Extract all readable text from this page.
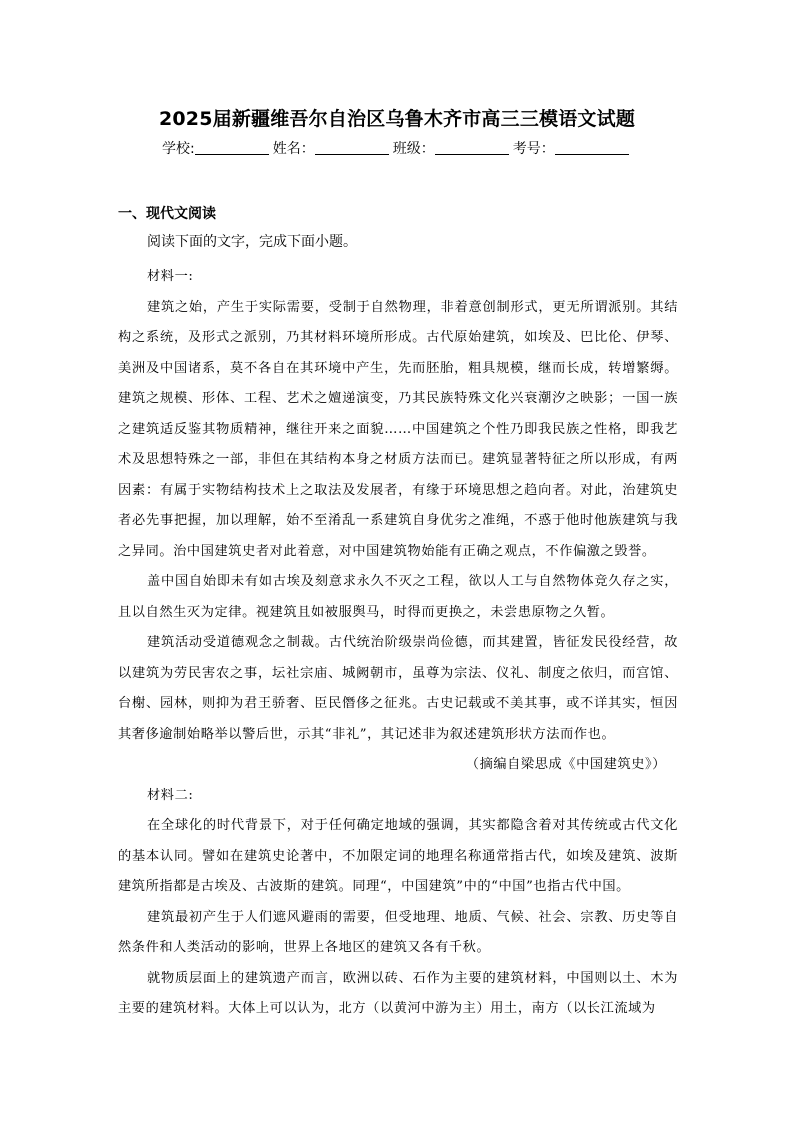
2025届新疆维吾尔自治区乌鲁木齐市高三三模语文试题
学校:	姓名：	班级：	考号：
一、现代文阅读
阅读下面的文字，完成下面小题。

材料一:

建筑之始，产生于实际需要，受制于自然物理，非着意创制形式，更无所谓派别。其结构之系统，及形式之派别，乃其材料环境所形成。古代原始建筑，如埃及、巴比伦、伊琴、美洲及中国诸系，莫不各自在其环境中产生，先而胚胎，粗具规模，继而长成，转增繁缛。建筑之规模、形体、工程、艺术之嬗递演变，乃其民族特殊文化兴衰潮汐之映影；一国一族之建筑适反鉴其物质精神，继往开来之面貌……中国建筑之个性乃即我民族之性格，即我艺术及思想特殊之一部，非但在其结构本身之材质方法而已。建筑显著特征之所以形成，有两因素：有属于实物结构技术上之取法及发展者，有缘于环境思想之趋向者。对此，治建筑史者必先事把握，加以理解，始不至淆乱一系建筑自身优劣之准绳，不惑于他时他族建筑与我之异同。治中国建筑史者对此着意，对中国建筑物始能有正确之观点，不作偏激之毁誉。

盖中国自始即未有如古埃及刻意求永久不灭之工程，欲以人工与自然物体竞久存之实，且以自然生灭为定律。视建筑且如被服舆马，时得而更换之，未尝患原物之久暂。

建筑活动受道德观念之制裁。古代统治阶级崇尚俭德，而其建置，皆征发民役经营，故以建筑为劳民害农之事，坛社宗庙、城阙朝市，虽尊为宗法、仪礼、制度之依归，而宫馆、台榭、园林，则抑为君王骄奢、臣民僭侈之征兆。古史记载或不美其事，或不详其实，恒因其奢侈逾制始略举以警后世，示其“非礼”，其记述非为叙述建筑形状方法而作也。

（摘编自梁思成《中国建筑史》）

材料二:

在全球化的时代背景下，对于任何确定地域的强调，其实都隐含着对其传统或古代文化的基本认同。譬如在建筑史论著中，不加限定词的地理名称通常指古代，如埃及建筑、波斯建筑所指都是古埃及、古波斯的建筑。同理“，中国建筑”中的“中国”也指古代中国。

建筑最初产生于人们遮风避雨的需要，但受地理、地质、气候、社会、宗教、历史等自然条件和人类活动的影响，世界上各地区的建筑又各有千秋。

就物质层面上的建筑遗产而言，欧洲以砖、石作为主要的建筑材料，中国则以土、木为主要的建筑材料。大体上可以认为，北方（以黄河中游为主）用土，南方（以长江流域为
